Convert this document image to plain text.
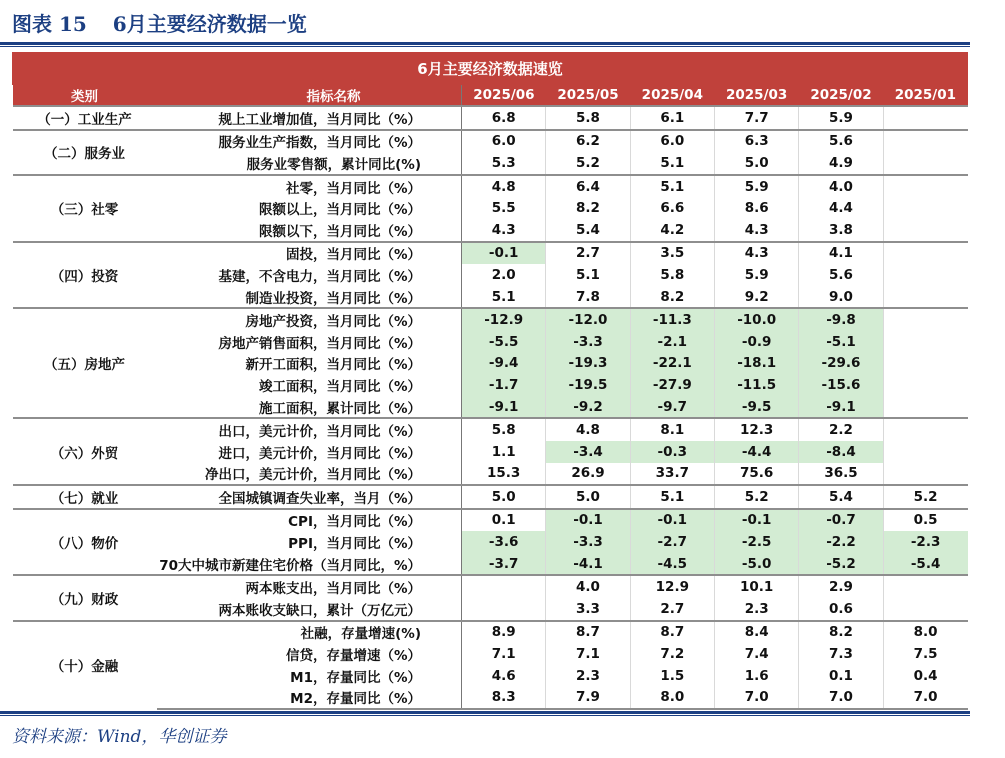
图表 15 6月主要经济数据一览
6月主要经济数据速览							
类别	指标名称	2025/06	2025/05	2025/04	2025/03	2025/02	2025/01
（一）工业生产	规上工业增加值，当月同比（%）	6.8	5.8	6.1	7.7	5.9	
（二）服务业	服务业生产指数，当月同比（%）	6.0	6.2	6.0	6.3	5.6	
	服务业零售额，累计同比(%)	5.3	5.2	5.1	5.0	4.9	
（三）社零	社零，当月同比（%）	4.8	6.4	5.1	5.9	4.0	
	限额以上，当月同比（%）	5.5	8.2	6.6	8.6	4.4	
	限额以下，当月同比（%）	4.3	5.4	4.2	4.3	3.8	
（四）投资	固投，当月同比（%）	-0.1	2.7	3.5	4.3	4.1	
	基建，不含电力，当月同比（%）	2.0	5.1	5.8	5.9	5.6	
	制造业投资，当月同比（%）	5.1	7.8	8.2	9.2	9.0	
（五）房地产	房地产投资，当月同比（%）	-12.9	-12.0	-11.3	-10.0	-9.8	
	房地产销售面积，当月同比（%）	-5.5	-3.3	-2.1	-0.9	-5.1	
	新开工面积，当月同比（%）	-9.4	-19.3	-22.1	-18.1	-29.6	
	竣工面积，当月同比（%）	-1.7	-19.5	-27.9	-11.5	-15.6	
	施工面积，累计同比（%）	-9.1	-9.2	-9.7	-9.5	-9.1	
（六）外贸	出口，美元计价，当月同比（%）	5.8	4.8	8.1	12.3	2.2	
	进口，美元计价，当月同比（%）	1.1	-3.4	-0.3	-4.4	-8.4	
	净出口，美元计价，当月同比（%）	15.3	26.9	33.7	75.6	36.5	
（七）就业	全国城镇调查失业率，当月（%）	5.0	5.0	5.1	5.2	5.4	5.2
（八）物价	CPI，当月同比（%）	0.1	-0.1	-0.1	-0.1	-0.7	0.5
	PPI，当月同比（%）	-3.6	-3.3	-2.7	-2.5	-2.2	-2.3
	70大中城市新建住宅价格（当月同比，%）	-3.7	-4.1	-4.5	-5.0	-5.2	-5.4
（九）财政	两本账支出，当月同比（%）		4.0	12.9	10.1	2.9	
	两本账收支缺口，累计（万亿元）		3.3	2.7	2.3	0.6	
（十）金融	社融，存量增速(%)	8.9	8.7	8.7	8.4	8.2	8.0
	信贷，存量增速（%）	7.1	7.1	7.2	7.4	7.3	7.5
	M1，存量同比（%）	4.6	2.3	1.5	1.6	0.1	0.4
	M2，存量同比（%）	8.3	7.9	8.0	7.0	7.0	7.0
资料来源：Wind，华创证券
